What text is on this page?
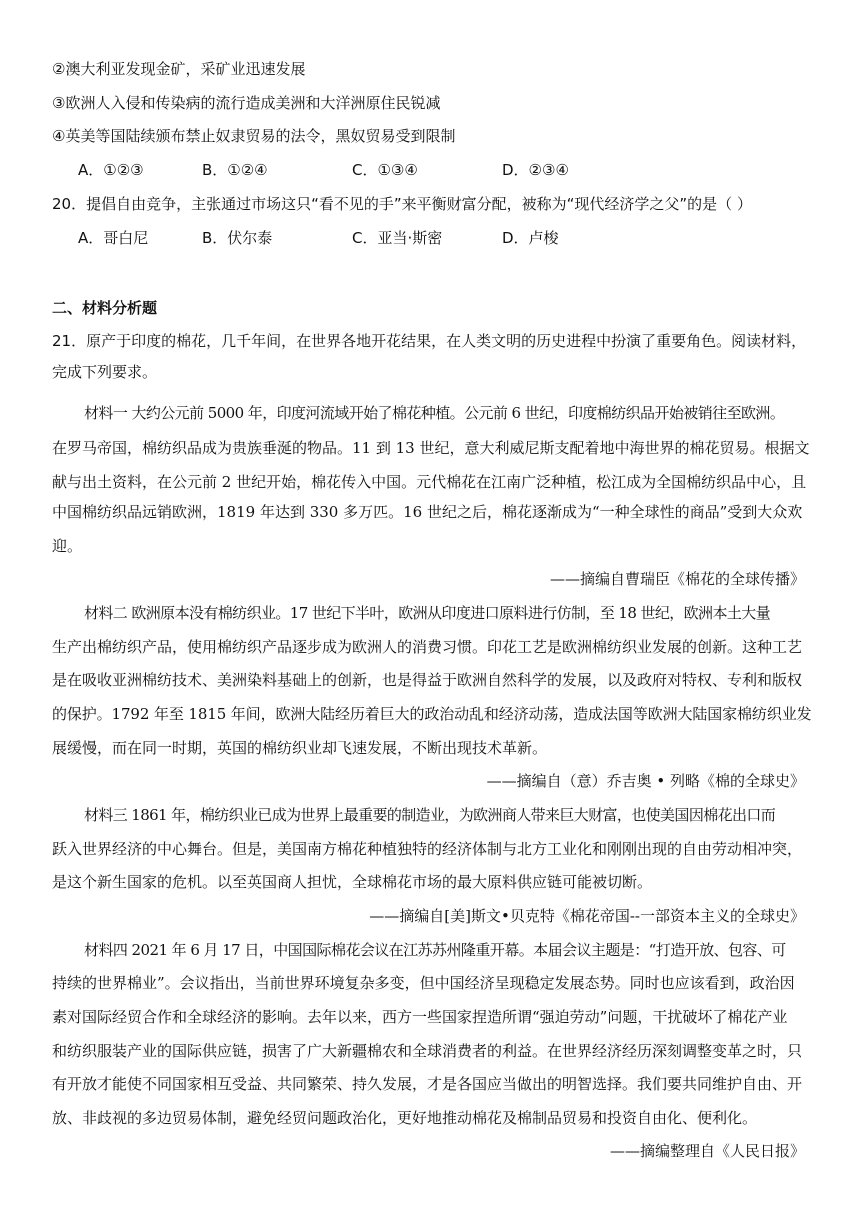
②澳大利亚发现金矿，采矿业迅速发展
③欧洲人入侵和传染病的流行造成美洲和大洋洲原住民锐减
④英美等国陆续颁布禁止奴隶贸易的法令，黑奴贸易受到限制
A．①②③	B．①②④	C．①③④	D．②③④
20．提倡自由竞争，主张通过市场这只“看不见的手”来平衡财富分配，被称为“现代经济学之父”的是（ ）
A．哥白尼	B．伏尔泰	C．亚当·斯密	D．卢梭
二、材料分析题
21．原产于印度的棉花，几千年间，在世界各地开花结果，在人类文明的历史进程中扮演了重要角色。阅读材料，
完成下列要求。
材料一 大约公元前 5000 年，印度河流域开始了棉花种植。公元前 6 世纪，印度棉纺织品开始被销往至欧洲。
在罗马帝国，棉纺织品成为贵族垂涎的物品。11 到 13 世纪，意大利威尼斯支配着地中海世界的棉花贸易。根据文
献与出土资料，在公元前 2 世纪开始，棉花传入中国。元代棉花在江南广泛种植，松江成为全国棉纺织品中心，且
中国棉纺织品远销欧洲，1819 年达到 330 多万匹。16 世纪之后，棉花逐渐成为“一种全球性的商品”受到大众欢
迎。
——摘编自曹瑞臣《棉花的全球传播》
材料二 欧洲原本没有棉纺织业。17 世纪下半叶，欧洲从印度进口原料进行仿制，至 18 世纪，欧洲本土大量
生产出棉纺织产品，使用棉纺织产品逐步成为欧洲人的消费习惯。印花工艺是欧洲棉纺织业发展的创新。这种工艺
是在吸收亚洲棉纺技术、美洲染料基础上的创新，也是得益于欧洲自然科学的发展，以及政府对特权、专利和版权
的保护。1792 年至 1815 年间，欧洲大陆经历着巨大的政治动乱和经济动荡，造成法国等欧洲大陆国家棉纺织业发
展缓慢，而在同一时期，英国的棉纺织业却飞速发展，不断出现技术革新。
——摘编自（意）乔吉奥 • 列略《棉的全球史》
材料三 1861 年，棉纺织业已成为世界上最重要的制造业，为欧洲商人带来巨大财富，也使美国因棉花出口而
跃入世界经济的中心舞台。但是，美国南方棉花种植独特的经济体制与北方工业化和刚刚出现的自由劳动相冲突，
是这个新生国家的危机。以至英国商人担忧，全球棉花市场的最大原料供应链可能被切断。
——摘编自[美]斯文•贝克特《棉花帝国--一部资本主义的全球史》
材料四 2021 年 6 月 17 日，中国国际棉花会议在江苏苏州隆重开幕。本届会议主题是：“打造开放、包容、可
持续的世界棉业”。会议指出，当前世界环境复杂多变，但中国经济呈现稳定发展态势。同时也应该看到，政治因
素对国际经贸合作和全球经济的影响。去年以来，西方一些国家捏造所谓“强迫劳动”问题，干扰破坏了棉花产业
和纺织服装产业的国际供应链，损害了广大新疆棉农和全球消费者的利益。在世界经济经历深刻调整变革之时，只
有开放才能使不同国家相互受益、共同繁荣、持久发展，才是各国应当做出的明智选择。我们要共同维护自由、开
放、非歧视的多边贸易体制，避免经贸问题政治化，更好地推动棉花及棉制品贸易和投资自由化、便利化。
——摘编整理自《人民日报》
